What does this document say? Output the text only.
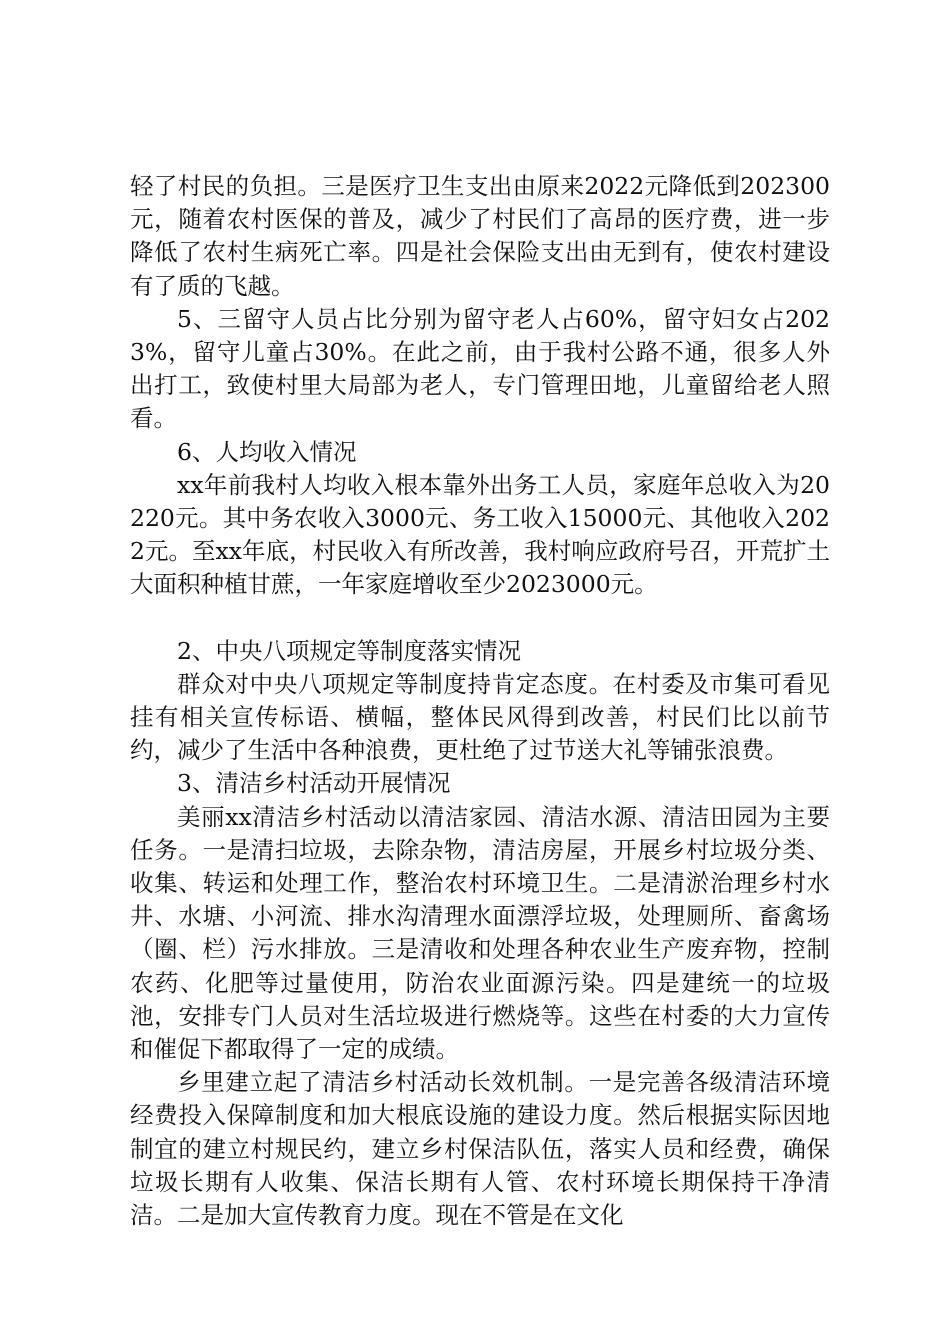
轻了村民的负担。三是医疗卫生支出由原来2022元降低到202300元，随着农村医保的普及，减少了村民们了高昂的医疗费，进一步降低了农村生病死亡率。四是社会保险支出由无到有，使农村建设有了质的飞越。

5、三留守人员占比分别为留守老人占60%，留守妇女占2023%，留守儿童占30%。在此之前，由于我村公路不通，很多人外出打工，致使村里大局部为老人，专门管理田地，儿童留给老人照看。

6、人均收入情况

xx年前我村人均收入根本靠外出务工人员，家庭年总收入为20220元。其中务农收入3000元、务工收入15000元、其他收入2022元。至xx年底，村民收入有所改善，我村响应政府号召，开荒扩土大面积种植甘蔗，一年家庭增收至少2023000元。

2、中央八项规定等制度落实情况

群众对中央八项规定等制度持肯定态度。在村委及市集可看见挂有相关宣传标语、横幅，整体民风得到改善，村民们比以前节约，减少了生活中各种浪费，更杜绝了过节送大礼等铺张浪费。

3、清洁乡村活动开展情况

美丽xx清洁乡村活动以清洁家园、清洁水源、清洁田园为主要任务。一是清扫垃圾，去除杂物，清洁房屋，开展乡村垃圾分类、收集、转运和处理工作，整治农村环境卫生。二是清淤治理乡村水井、水塘、小河流、排水沟清理水面漂浮垃圾，处理厕所、畜禽场（圈、栏）污水排放。三是清收和处理各种农业生产废弃物，控制农药、化肥等过量使用，防治农业面源污染。四是建统一的垃圾池，安排专门人员对生活垃圾进行燃烧等。这些在村委的大力宣传和催促下都取得了一定的成绩。

乡里建立起了清洁乡村活动长效机制。一是完善各级清洁环境经费投入保障制度和加大根底设施的建设力度。然后根据实际因地制宜的建立村规民约，建立乡村保洁队伍，落实人员和经费，确保垃圾长期有人收集、保洁长期有人管、农村环境长期保持干净清洁。二是加大宣传教育力度。现在不管是在文化
